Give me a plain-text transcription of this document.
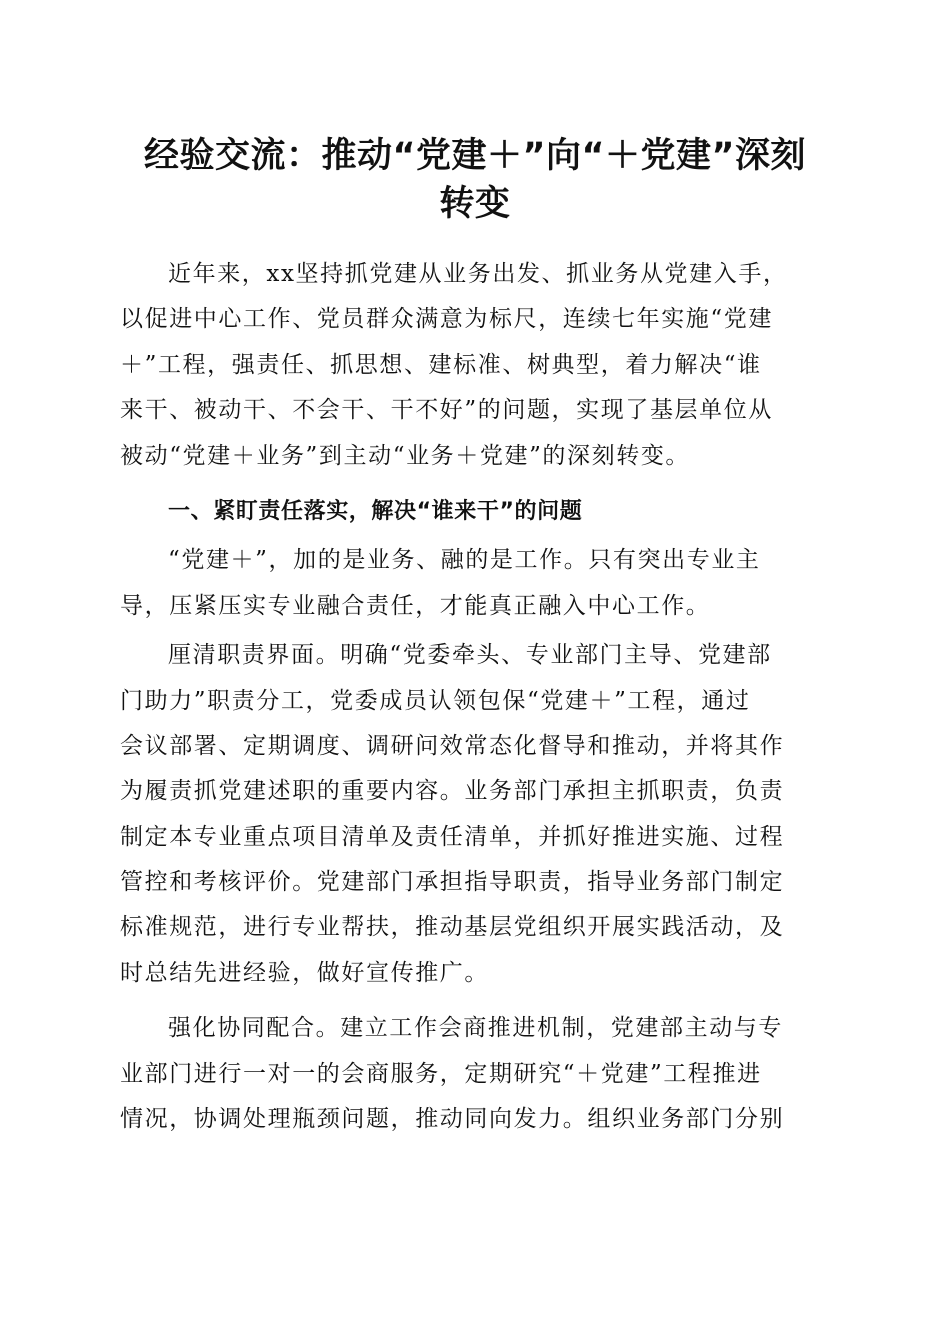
经验交流：推动“党建＋”向“＋党建”深刻
转变

近年来，xx坚持抓党建从业务出发、抓业务从党建入手，
以促进中心工作、党员群众满意为标尺，连续七年实施“党建
＋”工程，强责任、抓思想、建标准、树典型，着力解决“谁
来干、被动干、不会干、干不好”的问题，实现了基层单位从
被动“党建＋业务”到主动“业务＋党建”的深刻转变。

一、紧盯责任落实，解决“谁来干”的问题

“党建＋”，加的是业务、融的是工作。只有突出专业主
导，压紧压实专业融合责任，才能真正融入中心工作。

厘清职责界面。明确“党委牵头、专业部门主导、党建部
门助力”职责分工，党委成员认领包保“党建＋”工程，通过
会议部署、定期调度、调研问效常态化督导和推动，并将其作
为履责抓党建述职的重要内容。业务部门承担主抓职责，负责
制定本专业重点项目清单及责任清单，并抓好推进实施、过程
管控和考核评价。党建部门承担指导职责，指导业务部门制定
标准规范，进行专业帮扶，推动基层党组织开展实践活动，及
时总结先进经验，做好宣传推广。

强化协同配合。建立工作会商推进机制，党建部主动与专
业部门进行一对一的会商服务，定期研究“＋党建”工程推进
情况，协调处理瓶颈问题，推动同向发力。组织业务部门分别
